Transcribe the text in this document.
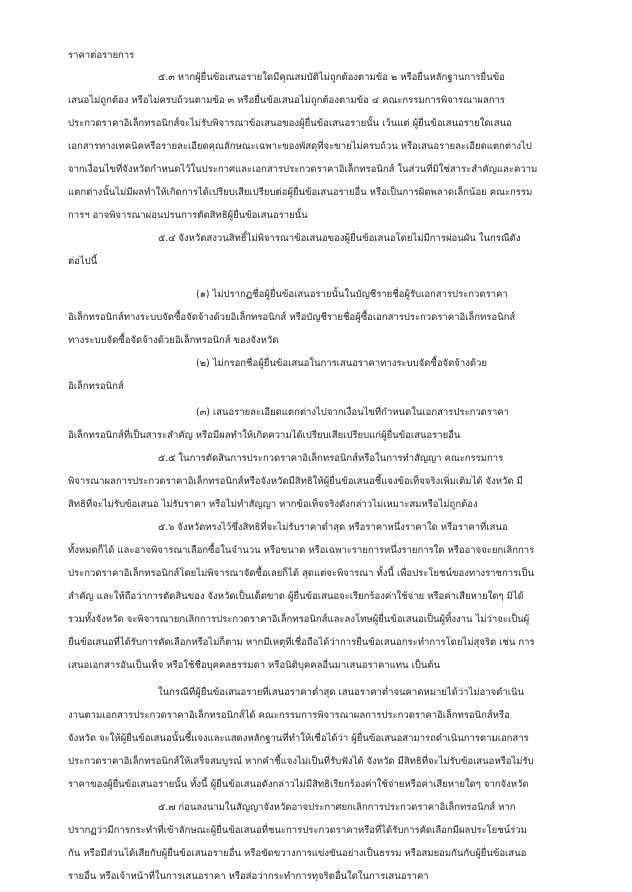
ราคาต่อรายการ
๕.๓ หากผู้ยื่นข้อเสนอรายใดมีคุณสมบัติไม่ถูกต้องตามข้อ ๒ หรือยื่นหลักฐานการยื่นข้อ
เสนอไม่ถูกต้อง หรือไม่ครบถ้วนตามข้อ ๓ หรือยื่นข้อเสนอไม่ถูกต้องตามข้อ ๔ คณะกรรมการพิจารณาผลการ
ประกวดราคาอิเล็กทรอนิกส์จะไม่รับพิจารณาข้อเสนอของผู้ยื่นข้อเสนอรายนั้น เว้นแต่ ผู้ยื่นข้อเสนอรายใดเสนอ
เอกสารทางเทคนิคหรือรายละเอียดคุณลักษณะเฉพาะของพัสดุที่จะขายไม่ครบถ้วน หรือเสนอรายละเอียดแตกต่างไป
จากเงื่อนไขที่จังหวัดกำหนดไว้ในประกาศและเอกสารประกวดราคาอิเล็กทรอนิกส์ ในส่วนที่มิใช่สาระสำคัญและความ
แตกต่างนั้นไม่มีผลทำให้เกิดการได้เปรียบเสียเปรียบต่อผู้ยื่นข้อเสนอรายอื่น หรือเป็นการผิดพลาดเล็กน้อย คณะกรรม
การฯ อาจพิจารณาผ่อนปรนการตัดสิทธิผู้ยื่นข้อเสนอรายนั้น
๕.๔ จังหวัดสงวนสิทธิ์ไม่พิจารณาข้อเสนอของผู้ยื่นข้อเสนอโดยไม่มีการผ่อนผัน ในกรณีดัง
ต่อไปนี้
(๑) ไม่ปรากฏชื่อผู้ยื่นข้อเสนอรายนั้นในบัญชีรายชื่อผู้รับเอกสารประกวดราคา
อิเล็กทรอนิกส์ทางระบบจัดซื้อจัดจ้างด้วยอิเล็กทรอนิกส์ หรือบัญชีรายชื่อผู้ซื้อเอกสารประกวดราคาอิเล็กทรอนิกส์
ทางระบบจัดซื้อจัดจ้างด้วยอิเล็กทรอนิกส์ ของจังหวัด
(๒) ไม่กรอกชื่อผู้ยื่นข้อเสนอในการเสนอราคาทางระบบจัดซื้อจัดจ้างด้วย
อิเล็กทรอนิกส์
(๓) เสนอรายละเอียดแตกต่างไปจากเงื่อนไขที่กำหนดในเอกสารประกวดราคา
อิเล็กทรอนิกส์ที่เป็นสาระสำคัญ หรือมีผลทำให้เกิดความได้เปรียบเสียเปรียบแก่ผู้ยื่นข้อเสนอรายอื่น
๕.๕ ในการตัดสินการประกวดราคาอิเล็กทรอนิกส์หรือในการทำสัญญา คณะกรรมการ
พิจารณาผลการประกวดราคาอิเล็กทรอนิกส์หรือจังหวัดมีสิทธิให้ผู้ยื่นข้อเสนอชี้แจงข้อเท็จจริงเพิ่มเติมได้ จังหวัด มี
สิทธิที่จะไม่รับข้อเสนอ ไม่รับราคา หรือไม่ทำสัญญา หากข้อเท็จจริงดังกล่าวไม่เหมาะสมหรือไม่ถูกต้อง
๕.๖ จังหวัดทรงไว้ซึ่งสิทธิที่จะไม่รับราคาต่ำสุด หรือราคาหนึ่งราคาใด หรือราคาที่เสนอ
ทั้งหมดก็ได้ และอาจพิจารณาเลือกซื้อในจำนวน หรือขนาด หรือเฉพาะรายการหนึ่งรายการใด หรืออาจจะยกเลิกการ
ประกวดราคาอิเล็กทรอนิกส์โดยไม่พิจารณาจัดซื้อเลยก็ได้ สุดแต่จะพิจารณา ทั้งนี้ เพื่อประโยชน์ของทางราชการเป็น
สำคัญ และให้ถือว่าการตัดสินของ จังหวัดเป็นเด็ดขาด ผู้ยื่นข้อเสนอจะเรียกร้องค่าใช้จ่าย หรือค่าเสียหายใดๆ มิได้
รวมทั้งจังหวัด จะพิจารณายกเลิกการประกวดราคาอิเล็กทรอนิกส์และลงโทษผู้ยื่นข้อเสนอเป็นผู้ทิ้งงาน ไม่ว่าจะเป็นผู้
ยื่นข้อเสนอที่ได้รับการคัดเลือกหรือไม่ก็ตาม หากมีเหตุที่เชื่อถือได้ว่าการยื่นข้อเสนอกระทำการโดยไม่สุจริต เช่น การ
เสนอเอกสารอันเป็นเท็จ หรือใช้ชื่อบุคคลธรรมดา หรือนิติบุคคลอื่นมาเสนอราคาแทน เป็นต้น
ในกรณีที่ผู้ยื่นข้อเสนอรายที่เสนอราคาต่ำสุด เสนอราคาต่ำจนคาดหมายได้ว่าไม่อาจดำเนิน
งานตามเอกสารประกวดราคาอิเล็กทรอนิกส์ได้ คณะกรรมการพิจารณาผลการประกวดราคาอิเล็กทรอนิกส์หรือ
จังหวัด จะให้ผู้ยื่นข้อเสนอนั้นชี้แจงและแสดงหลักฐานที่ทำให้เชื่อได้ว่า ผู้ยื่นข้อเสนอสามารถดำเนินการตามเอกสาร
ประกวดราคาอิเล็กทรอนิกส์ให้เสร็จสมบูรณ์ หากคำชี้แจงไม่เป็นที่รับฟังได้ จังหวัด มีสิทธิที่จะไม่รับข้อเสนอหรือไม่รับ
ราคาของผู้ยื่นข้อเสนอรายนั้น ทั้งนี้ ผู้ยื่นข้อเสนอดังกล่าวไม่มีสิทธิเรียกร้องค่าใช้จ่ายหรือค่าเสียหายใดๆ จากจังหวัด
๕.๗ ก่อนลงนามในสัญญาจังหวัดอาจประกาศยกเลิกการประกวดราคาอิเล็กทรอนิกส์ หาก
ปรากฏว่ามีการกระทำที่เข้าลักษณะผู้ยื่นข้อเสนอที่ชนะการประกวดราคาหรือที่ได้รับการคัดเลือกมีผลประโยชน์ร่วม
กัน หรือมีส่วนได้เสียกับผู้ยื่นข้อเสนอรายอื่น หรือขัดขวางการแข่งขันอย่างเป็นธรรม หรือสมยอมกันกับผู้ยื่นข้อเสนอ
รายอื่น หรือเจ้าหน้าที่ในการเสนอราคา หรือส่อว่ากระทำการทุจริตอื่นใดในการเสนอราคา
